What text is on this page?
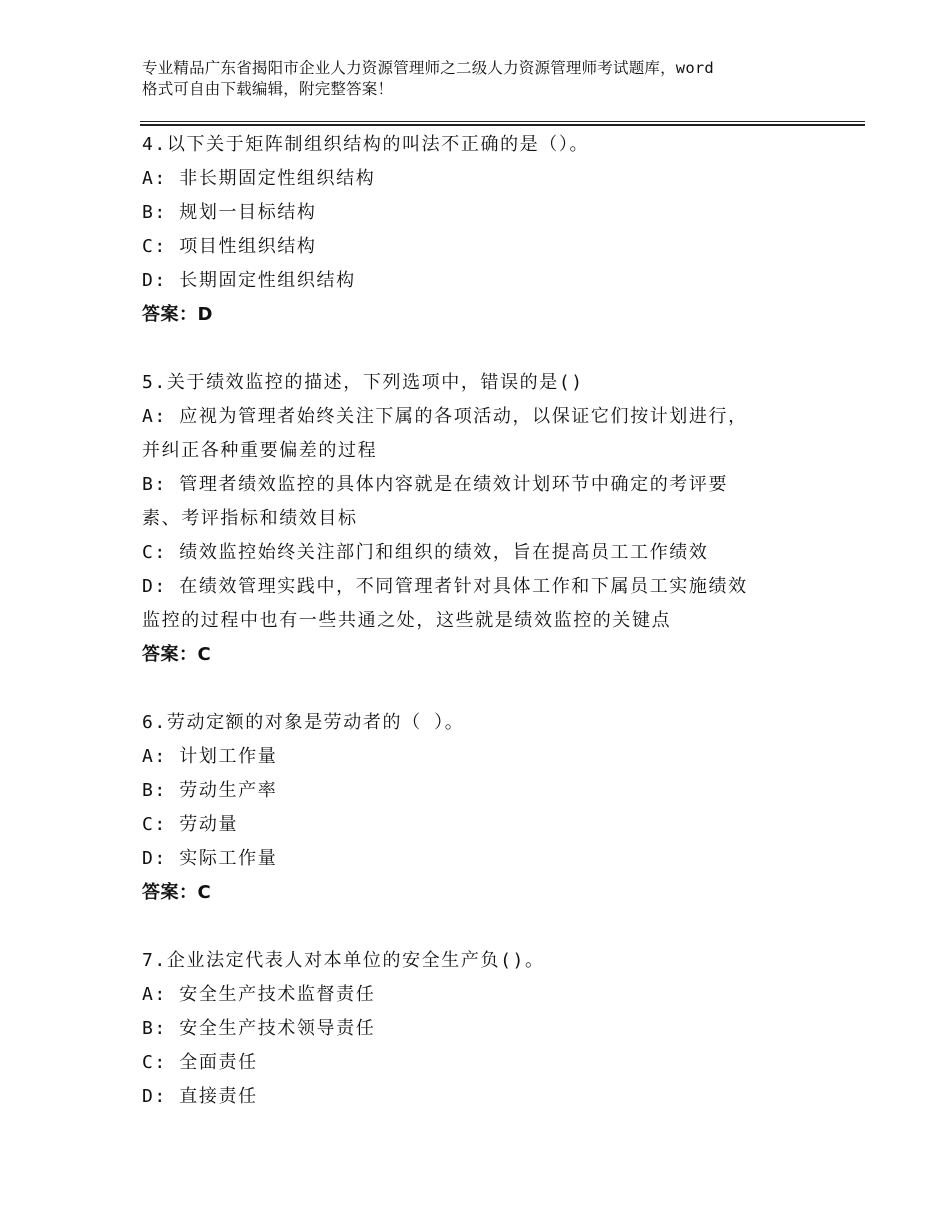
专业精品广东省揭阳市企业人力资源管理师之二级人力资源管理师考试题库，word
格式可自由下载编辑，附完整答案！
4.以下关于矩阵制组织结构的叫法不正确的是（）。
A: 非长期固定性组织结构
B: 规划一目标结构
C: 项目性组织结构
D: 长期固定性组织结构
答案：D
5.关于绩效监控的描述，下列选项中，错误的是()
A: 应视为管理者始终关注下属的各项活动，以保证它们按计划进行，
并纠正各种重要偏差的过程
B: 管理者绩效监控的具体内容就是在绩效计划环节中确定的考评要
素、考评指标和绩效目标
C: 绩效监控始终关注部门和组织的绩效，旨在提高员工工作绩效
D: 在绩效管理实践中，不同管理者针对具体工作和下属员工实施绩效
监控的过程中也有一些共通之处，这些就是绩效监控的关键点
答案：C
6.劳动定额的对象是劳动者的（ ）。
A: 计划工作量
B: 劳动生产率
C: 劳动量
D: 实际工作量
答案：C
7.企业法定代表人对本单位的安全生产负()。
A: 安全生产技术监督责任
B: 安全生产技术领导责任
C: 全面责任
D: 直接责任
